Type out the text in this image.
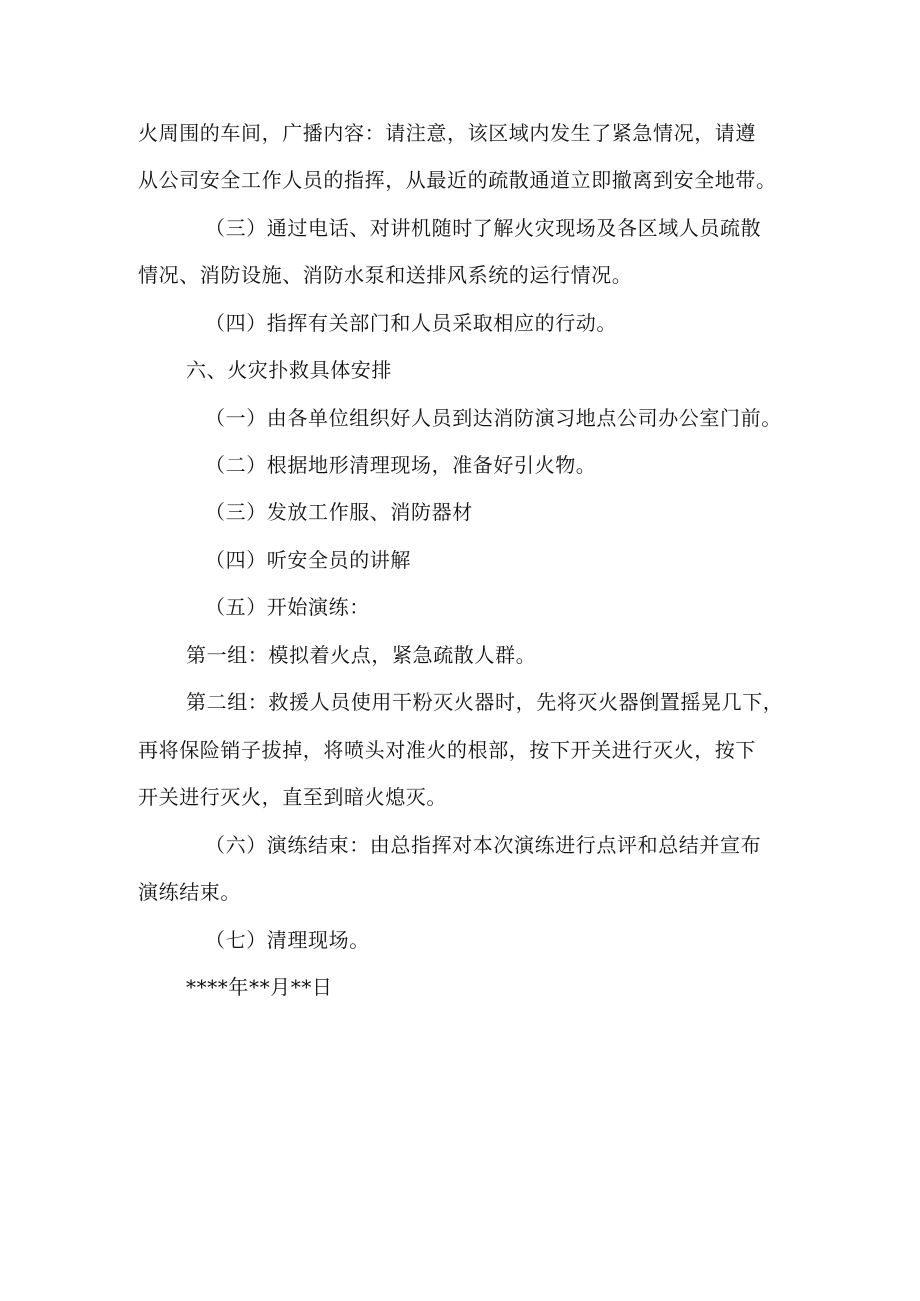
火周围的车间，广播内容：请注意，该区域内发生了紧急情况，请遵
从公司安全工作人员的指挥，从最近的疏散通道立即撤离到安全地带。
（三）通过电话、对讲机随时了解火灾现场及各区域人员疏散
情况、消防设施、消防水泵和送排风系统的运行情况。
（四）指挥有关部门和人员采取相应的行动。
六、火灾扑救具体安排
（一）由各单位组织好人员到达消防演习地点公司办公室门前。
（二）根据地形清理现场，准备好引火物。
（三）发放工作服、消防器材
（四）听安全员的讲解
（五）开始演练：
第一组：模拟着火点，紧急疏散人群。
第二组：救援人员使用干粉灭火器时，先将灭火器倒置摇晃几下，
再将保险销子拔掉，将喷头对准火的根部，按下开关进行灭火，按下
开关进行灭火，直至到暗火熄灭。
（六）演练结束：由总指挥对本次演练进行点评和总结并宣布
演练结束。
（七）清理现场。
****年**月**日
